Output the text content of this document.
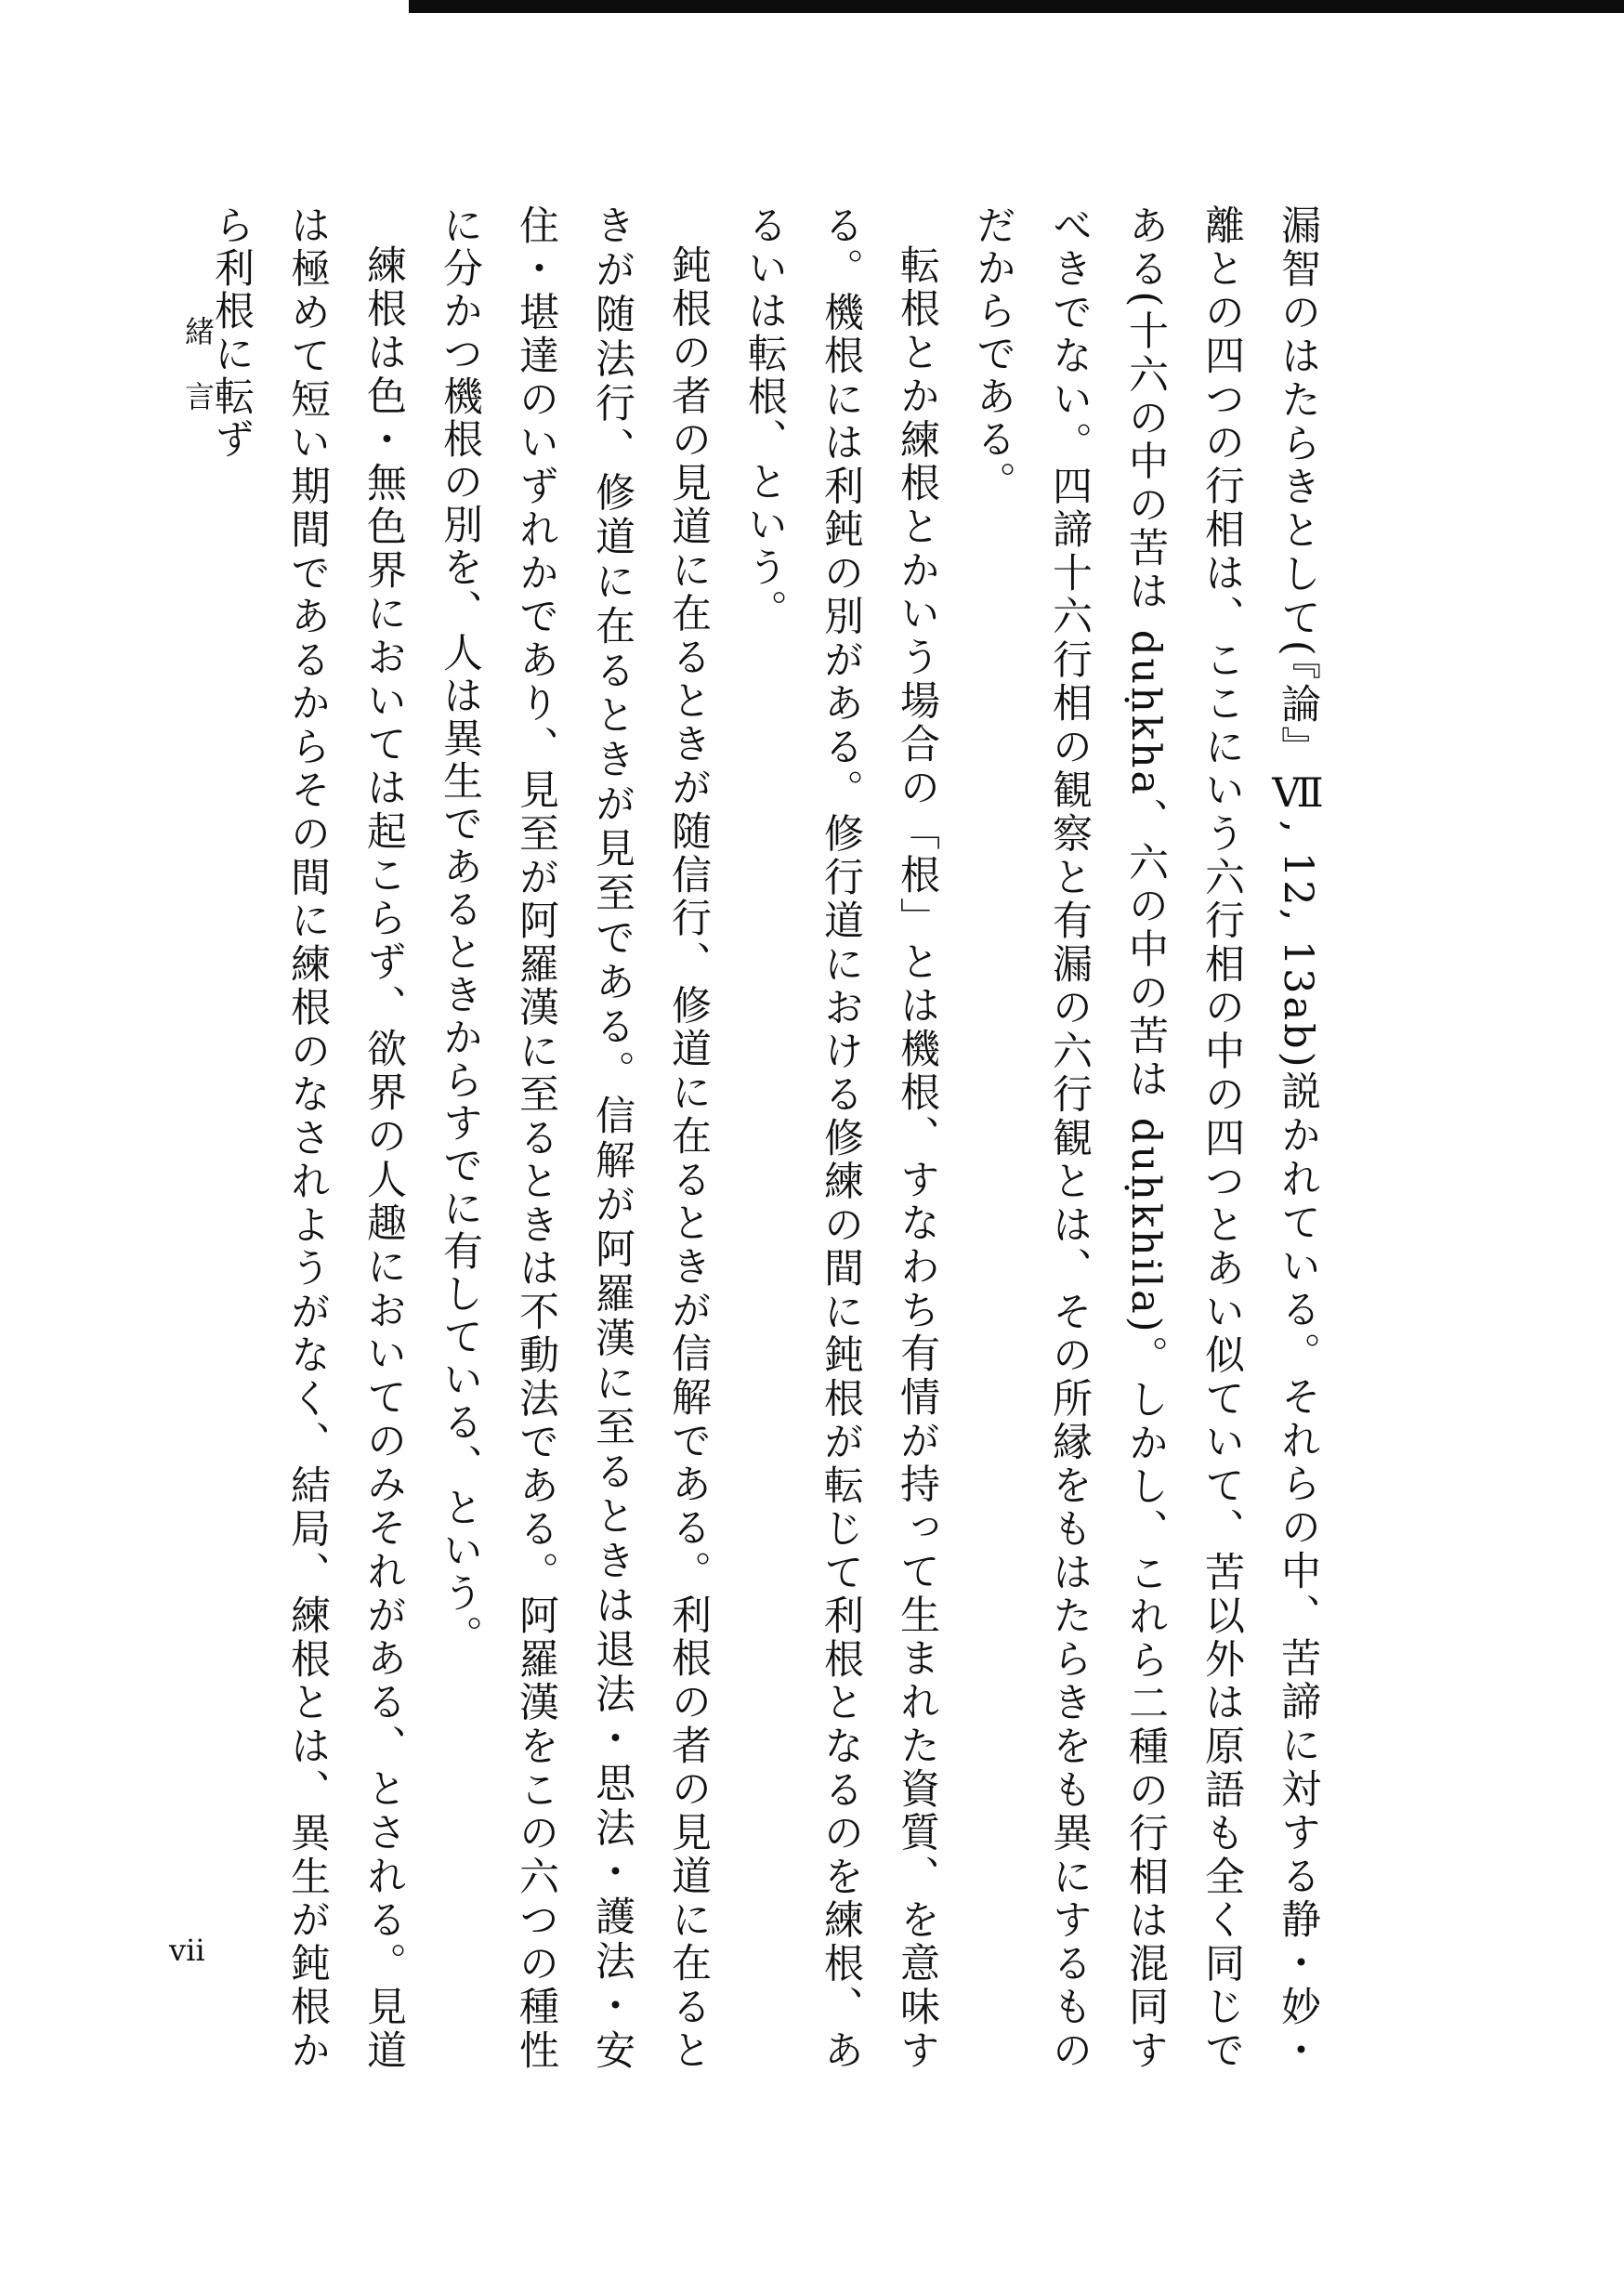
漏智のはたらきとして(『論』Ⅶ, 12, 13ab)説かれている。それらの中、苦諦に対する静・妙・離との四つの行相は、ここにいう六行相の中の四つとあい似ていて、苦以外は原語も全く同じである(十六の中の苦は duḥkha、六の中の苦は duḥkhila)。しかし、これら二種の行相は混同すべきでない。四諦十六行相の観察と有漏の六行観とは、その所縁をもはたらきをも異にするものだからである。

転根とか練根とかいう場合の「根」とは機根、すなわち有情が持って生まれた資質、を意味する。機根には利鈍の別がある。修行道における修練の間に鈍根が転じて利根となるのを練根、あるいは転根、という。

鈍根の者の見道に在るときが随信行、修道に在るときが信解である。利根の者の見道に在るときが随法行、修道に在るときが見至である。信解が阿羅漢に至るときは退法・思法・護法・安住・堪達のいずれかであり、見至が阿羅漢に至るときは不動法である。阿羅漢をこの六つの種性に分かつ機根の別を、人は異生であるときからすでに有している、という。

練根は色・無色界においては起こらず、欲界の人趣においてのみそれがある、とされる。見道は極めて短い期間であるからその間に練根のなされようがなく、結局、練根とは、異生が鈍根から利根に転ず

緒言
vii
